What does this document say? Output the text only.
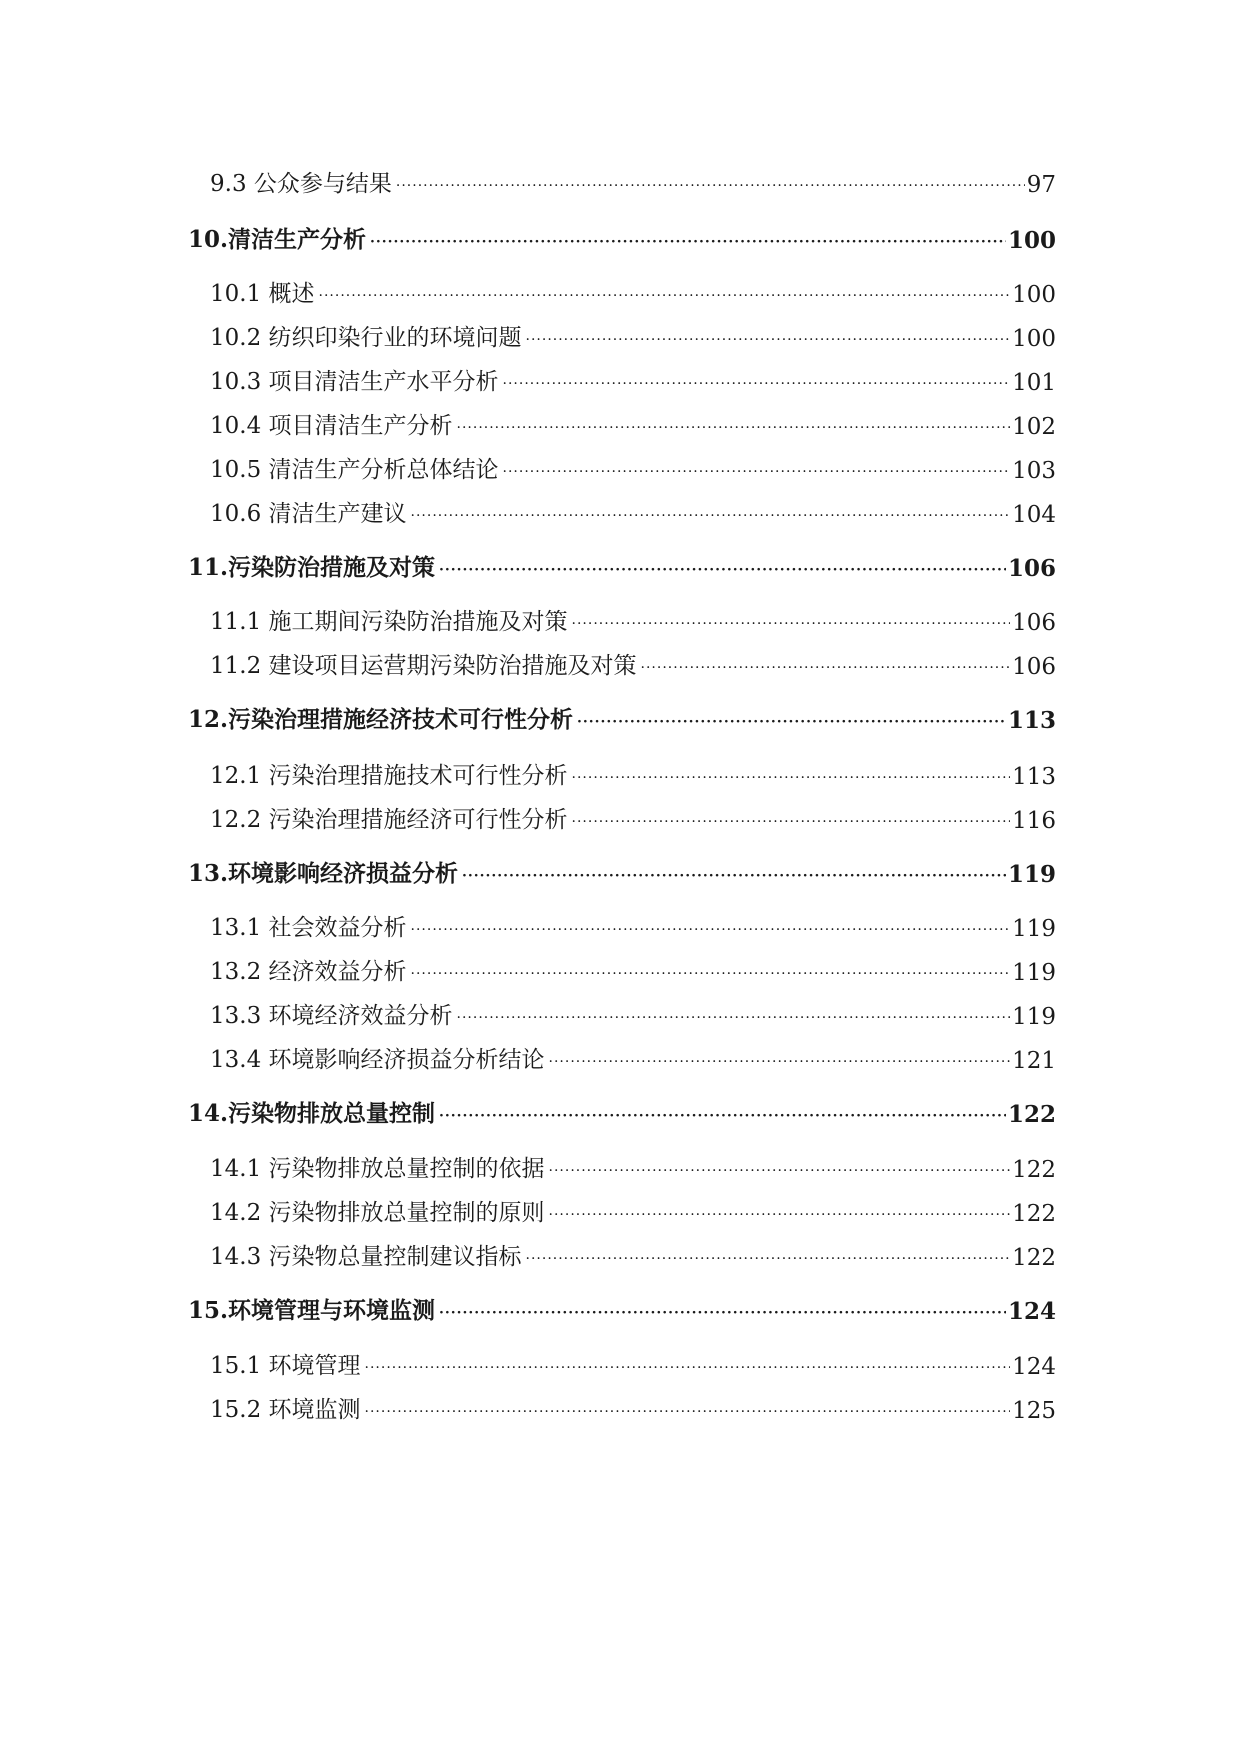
9.3 公众参与结果 ·····	97
10.清洁生产分析 ·····	100
10.1 概述 ·····	100
10.2 纺织印染行业的环境问题 ·····	100
10.3 项目清洁生产水平分析 ·····	101
10.4 项目清洁生产分析 ·····	102
10.5 清洁生产分析总体结论 ·····	103
10.6 清洁生产建议 ·····	104
11.污染防治措施及对策 ·····	106
11.1 施工期间污染防治措施及对策 ·····	106
11.2 建设项目运营期污染防治措施及对策 ·····	106
12.污染治理措施经济技术可行性分析 ·····	113
12.1 污染治理措施技术可行性分析 ·····	113
12.2 污染治理措施经济可行性分析 ·····	116
13.环境影响经济损益分析 ·····	119
13.1 社会效益分析 ·····	119
13.2 经济效益分析 ·····	119
13.3 环境经济效益分析 ·····	119
13.4 环境影响经济损益分析结论 ·····	121
14.污染物排放总量控制 ·····	122
14.1 污染物排放总量控制的依据 ·····	122
14.2 污染物排放总量控制的原则 ·····	122
14.3 污染物总量控制建议指标 ·····	122
15.环境管理与环境监测 ·····	124
15.1 环境管理 ·····	124
15.2 环境监测 ·····	125
